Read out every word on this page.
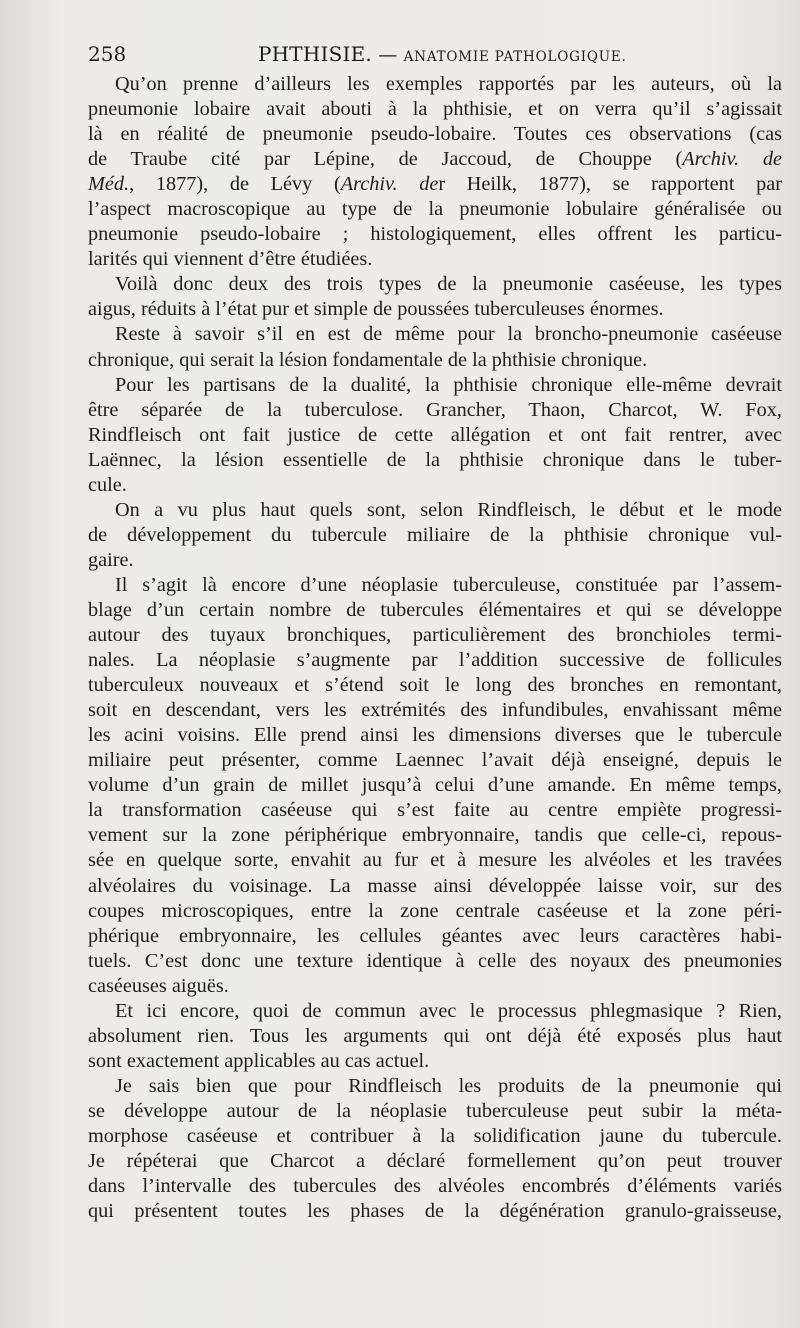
258	PHTHISIE. — ANATOMIE PATHOLOGIQUE.
Qu’on prenne d’ailleurs les exemples rapportés par les auteurs, où la
pneumonie lobaire avait abouti à la phthisie, et on verra qu’il s’agissait
là en réalité de pneumonie pseudo-lobaire. Toutes ces observations (cas
de Traube cité par Lépine, de Jaccoud, de Chouppe (Archiv. de
Méd., 1877), de Lévy (Archiv. der Heilk, 1877), se rapportent par
l’aspect macroscopique au type de la pneumonie lobulaire généralisée ou
pneumonie pseudo-lobaire ; histologiquement, elles offrent les particu-
larités qui viennent d’être étudiées.
Voilà donc deux des trois types de la pneumonie caséeuse, les types
aigus, réduits à l’état pur et simple de poussées tuberculeuses énormes.
Reste à savoir s’il en est de même pour la broncho-pneumonie caséeuse
chronique, qui serait la lésion fondamentale de la phthisie chronique.
Pour les partisans de la dualité, la phthisie chronique elle-même devrait
être séparée de la tuberculose. Grancher, Thaon, Charcot, W. Fox,
Rindfleisch ont fait justice de cette allégation et ont fait rentrer, avec
Laënnec, la lésion essentielle de la phthisie chronique dans le tuber-
cule.
On a vu plus haut quels sont, selon Rindfleisch, le début et le mode
de développement du tubercule miliaire de la phthisie chronique vul-
gaire.
Il s’agit là encore d’une néoplasie tuberculeuse, constituée par l’assem-
blage d’un certain nombre de tubercules élémentaires et qui se développe
autour des tuyaux bronchiques, particulièrement des bronchioles termi-
nales. La néoplasie s’augmente par l’addition successive de follicules
tuberculeux nouveaux et s’étend soit le long des bronches en remontant,
soit en descendant, vers les extrémités des infundibules, envahissant même
les acini voisins. Elle prend ainsi les dimensions diverses que le tubercule
miliaire peut présenter, comme Laennec l’avait déjà enseigné, depuis le
volume d’un grain de millet jusqu’à celui d’une amande. En même temps,
la transformation caséeuse qui s’est faite au centre empiète progressi-
vement sur la zone périphérique embryonnaire, tandis que celle-ci, repous-
sée en quelque sorte, envahit au fur et à mesure les alvéoles et les travées
alvéolaires du voisinage. La masse ainsi développée laisse voir, sur des
coupes microscopiques, entre la zone centrale caséeuse et la zone péri-
phérique embryonnaire, les cellules géantes avec leurs caractères habi-
tuels. C’est donc une texture identique à celle des noyaux des pneumonies
caséeuses aiguës.
Et ici encore, quoi de commun avec le processus phlegmasique ? Rien,
absolument rien. Tous les arguments qui ont déjà été exposés plus haut
sont exactement applicables au cas actuel.
Je sais bien que pour Rindfleisch les produits de la pneumonie qui
se développe autour de la néoplasie tuberculeuse peut subir la méta-
morphose caséeuse et contribuer à la solidification jaune du tubercule.
Je répéterai que Charcot a déclaré formellement qu’on peut trouver
dans l’intervalle des tubercules des alvéoles encombrés d’éléments variés
qui présentent toutes les phases de la dégénération granulo-graisseuse,
